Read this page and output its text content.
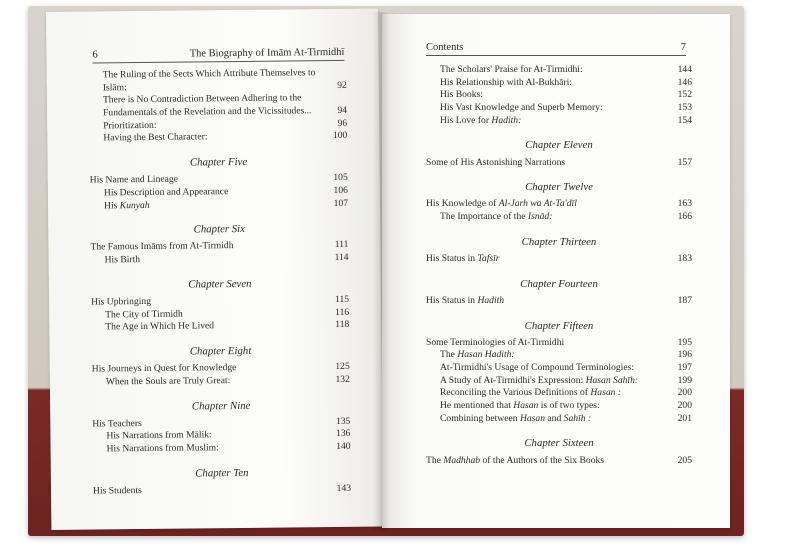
6	The Biography of Imām At-Tirmidhī
The Ruling of the Sects Which Attribute Themselves to Islām:	92
There is No Contradiction Between Adhering to the Fundamentals of the Revelation and the Vicissitudes...	94
Prioritization:	96
Having the Best Character:	100
Chapter Five
His Name and Lineage	105
His Description and Appearance	106
His Kunyah	107
Chapter Six
The Famous Imāms from At-Tirmidh	111
His Birth	114
Chapter Seven
His Upbringing	115
The City of Tirmidh	116
The Age in Which He Lived	118
Chapter Eight
His Journeys in Quest for Knowledge	125
When the Souls are Truly Great:	132
Chapter Nine
His Teachers	135
His Narrations from Mālik:	136
His Narrations from Muslim:	140
Chapter Ten
His Students	143
Contents	7
The Scholars' Praise for At-Tirmidhi:	144
His Relationship with Al-Bukhāri:	146
His Books:	152
His Vast Knowledge and Superb Memory:	153
His Love for Hadith:	154
Chapter Eleven
Some of His Astonishing Narrations	157
Chapter Twelve
His Knowledge of Al-Jarh wa At-Ta'dīl	163
The Importance of the Isnād:	166
Chapter Thirteen
His Status in Tafsīr	183
Chapter Fourteen
His Status in Hadith	187
Chapter Fifteen
Some Terminologies of At-Tirmidhi	195
The Hasan Hadith:	196
At-Tirmidhi's Usage of Compound Terminologies:	197
A Study of At-Tirmidhi's Expression: Hasan Sahīh:	199
Reconciling the Various Definitions of Hasan :	200
He mentioned that Hasan is of two types:	200
Combining between Hasan and Sahīh :	201
Chapter Sixteen
The Madhhab of the Authors of the Six Books	205
